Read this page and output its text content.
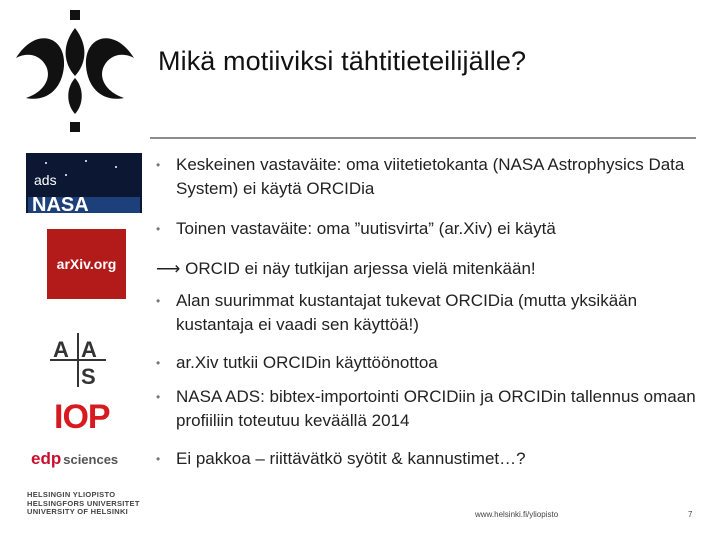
Mikä motiiviksi tähtitieteilijälle?
ads
NASA
arXiv.org
A A
S
IOP
edp sciences
HELSINGIN YLIOPISTO
HELSINGFORS UNIVERSITET
UNIVERSITY OF HELSINKI
• Keskeinen vastaväite: oma viitetietokanta (NASA Astrophysics Data System) ei käytä ORCIDia
• Toinen vastaväite: oma ”uutisvirta” (ar.Xiv) ei käytä
⟶ ORCID ei näy tutkijan arjessa vielä mitenkään!
• Alan suurimmat kustantajat tukevat ORCIDia (mutta yksikään kustantaja ei vaadi sen käyttöä!)
• ar.Xiv tutkii ORCIDin käyttöönottoa
• NASA ADS: bibtex-importointi ORCIDiin ja ORCIDin tallennus omaan profiiliin toteutuu keväällä 2014
• Ei pakkoa – riittävätkö syötit & kannustimet…?
www.helsinki.fi/yliopisto	7
